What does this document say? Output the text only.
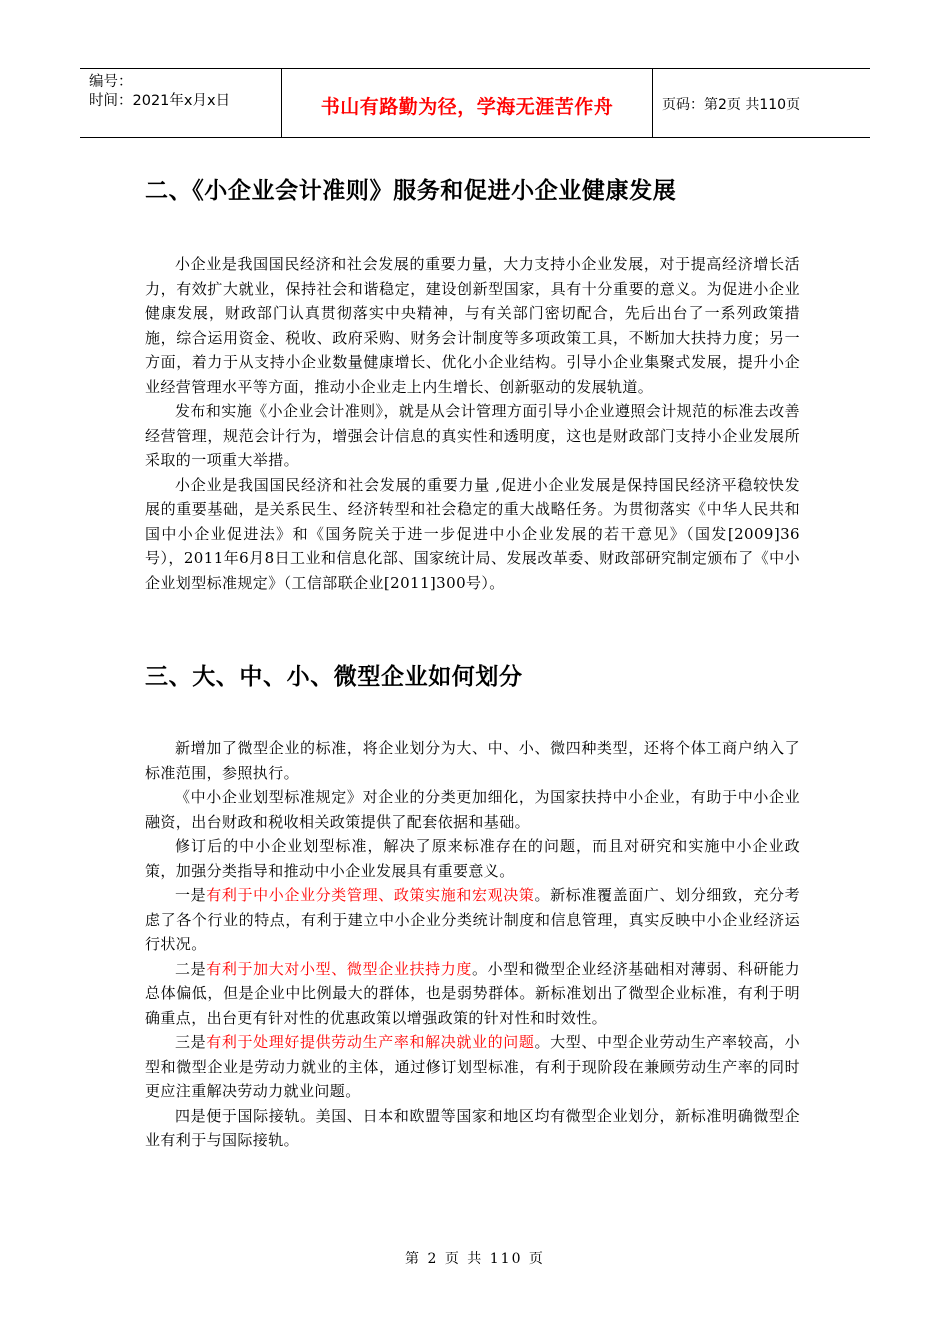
编号：
时间：2021年x月x日	书山有路勤为径，学海无涯苦作舟	页码：第2页 共110页
二、《小企业会计准则》服务和促进小企业健康发展

小企业是我国国民经济和社会发展的重要力量，大力支持小企业发展，对于提高经济增长活力，有效扩大就业，保持社会和谐稳定，建设创新型国家，具有十分重要的意义。为促进小企业健康发展，财政部门认真贯彻落实中央精神，与有关部门密切配合，先后出台了一系列政策措施，综合运用资金、税收、政府采购、财务会计制度等多项政策工具，不断加大扶持力度；另一方面，着力于从支持小企业数量健康增长、优化小企业结构。引导小企业集聚式发展，提升小企业经营管理水平等方面，推动小企业走上内生增长、创新驱动的发展轨道。

发布和实施《小企业会计准则》，就是从会计管理方面引导小企业遵照会计规范的标准去改善经营管理，规范会计行为，增强会计信息的真实性和透明度，这也是财政部门支持小企业发展所采取的一项重大举措。

小企业是我国国民经济和社会发展的重要力量 ,促进小企业发展是保持国民经济平稳较快发展的重要基础，是关系民生、经济转型和社会稳定的重大战略任务。为贯彻落实《中华人民共和国中小企业促进法》和《国务院关于进一步促进中小企业发展的若干意见》（国发[2009]36号），2011年6月8日工业和信息化部、国家统计局、发展改革委、财政部研究制定颁布了《中小企业划型标准规定》（工信部联企业[2011]300号）。

三、大、中、小、微型企业如何划分

新增加了微型企业的标准，将企业划分为大、中、小、微四种类型，还将个体工商户纳入了标准范围，参照执行。

《中小企业划型标准规定》对企业的分类更加细化，为国家扶持中小企业，有助于中小企业融资，出台财政和税收相关政策提供了配套依据和基础。

修订后的中小企业划型标准，解决了原来标准存在的问题，而且对研究和实施中小企业政策，加强分类指导和推动中小企业发展具有重要意义。

一是有利于中小企业分类管理、政策实施和宏观决策。新标准覆盖面广、划分细致，充分考虑了各个行业的特点，有利于建立中小企业分类统计制度和信息管理，真实反映中小企业经济运行状况。

二是有利于加大对小型、微型企业扶持力度。小型和微型企业经济基础相对薄弱、科研能力总体偏低，但是企业中比例最大的群体，也是弱势群体。新标准划出了微型企业标准，有利于明确重点，出台更有针对性的优惠政策以增强政策的针对性和时效性。

三是有利于处理好提供劳动生产率和解决就业的问题。大型、中型企业劳动生产率较高，小型和微型企业是劳动力就业的主体，通过修订划型标准，有利于现阶段在兼顾劳动生产率的同时更应注重解决劳动力就业问题。

四是便于国际接轨。美国、日本和欧盟等国家和地区均有微型企业划分，新标准明确微型企业有利于与国际接轨。

第 2 页 共 110 页
